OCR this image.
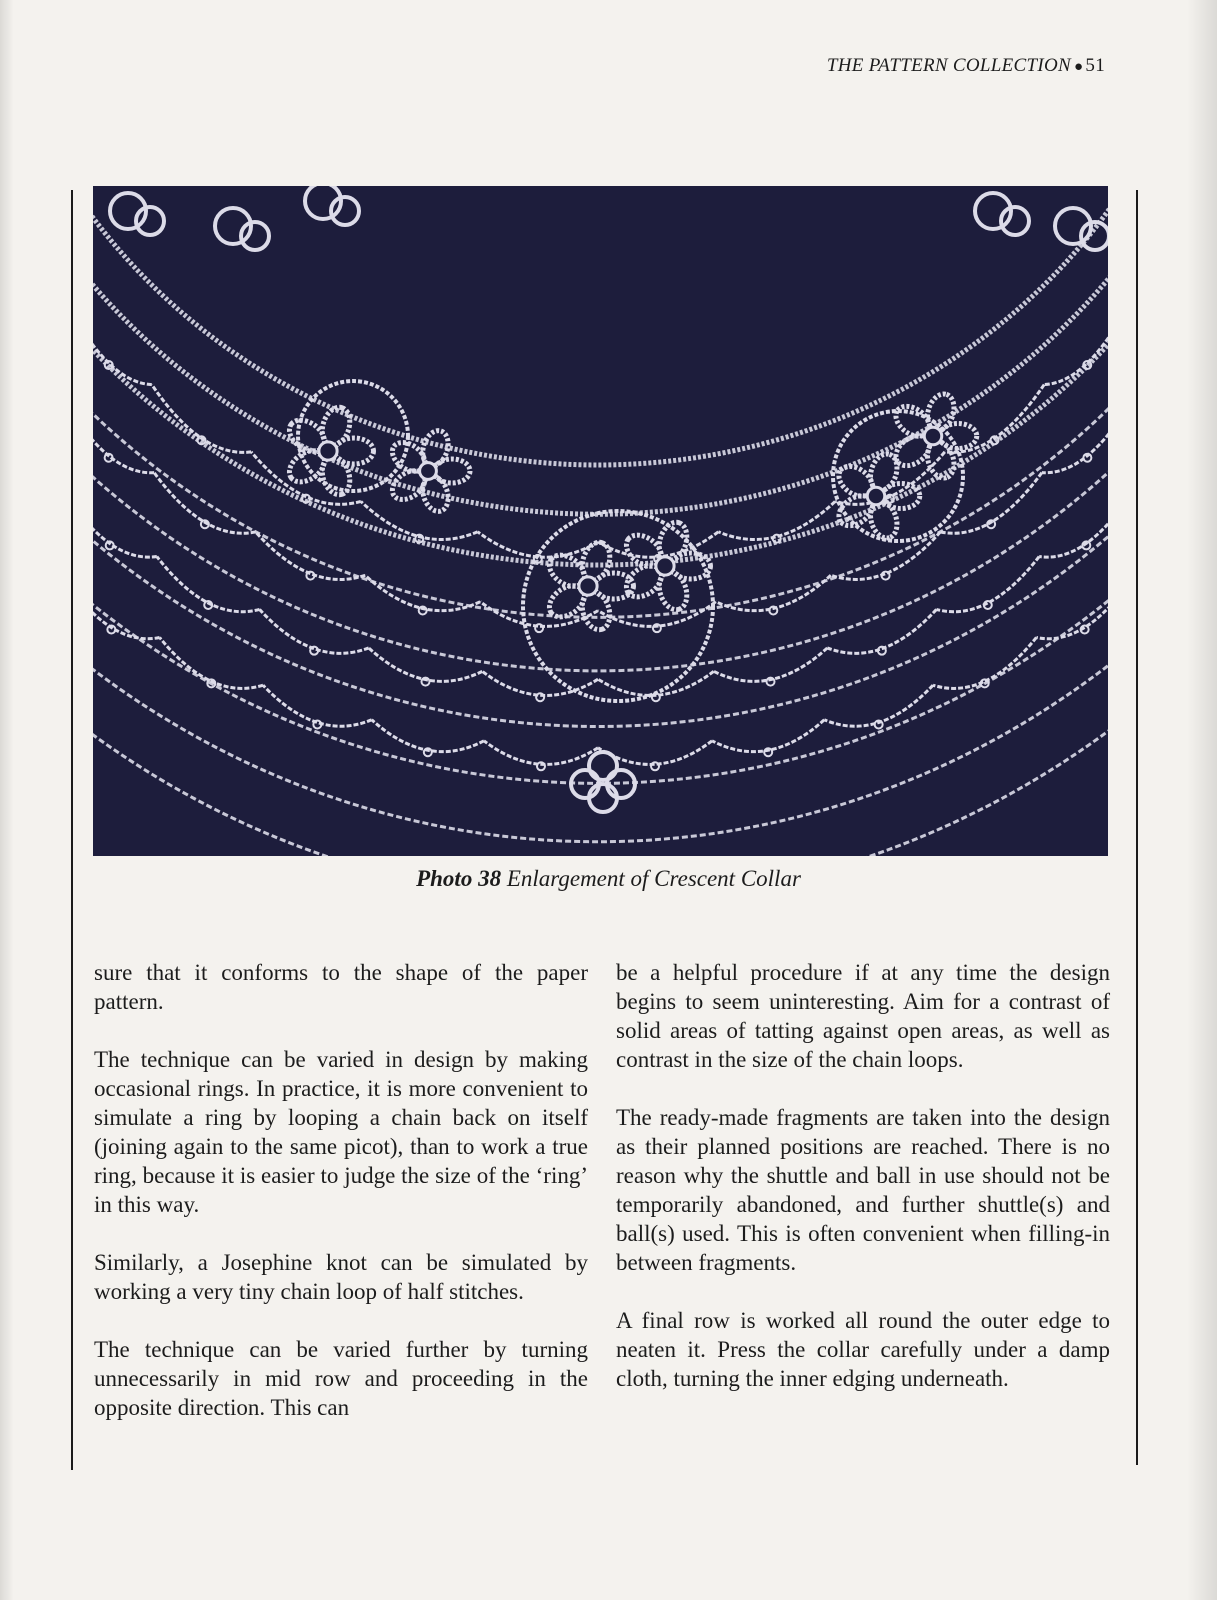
THE PATTERN COLLECTION ● 51
Photo 38 Enlargement of Crescent Collar

sure that it conforms to the shape of the paper pattern.

The technique can be varied in design by making occasional rings. In practice, it is more convenient to simulate a ring by looping a chain back on itself (joining again to the same picot), than to work a true ring, because it is easier to judge the size of the ‘ring’ in this way.

Similarly, a Josephine knot can be simulated by working a very tiny chain loop of half stitches.

The technique can be varied further by turning unnecessarily in mid row and proceeding in the opposite direction. This can

be a helpful procedure if at any time the design begins to seem uninteresting. Aim for a contrast of solid areas of tatting against open areas, as well as contrast in the size of the chain loops.

The ready-made fragments are taken into the design as their planned positions are reached. There is no reason why the shuttle and ball in use should not be temporarily abandoned, and further shuttle(s) and ball(s) used. This is often convenient when filling-in between fragments.

A final row is worked all round the outer edge to neaten it. Press the collar carefully under a damp cloth, turning the inner edging underneath.
